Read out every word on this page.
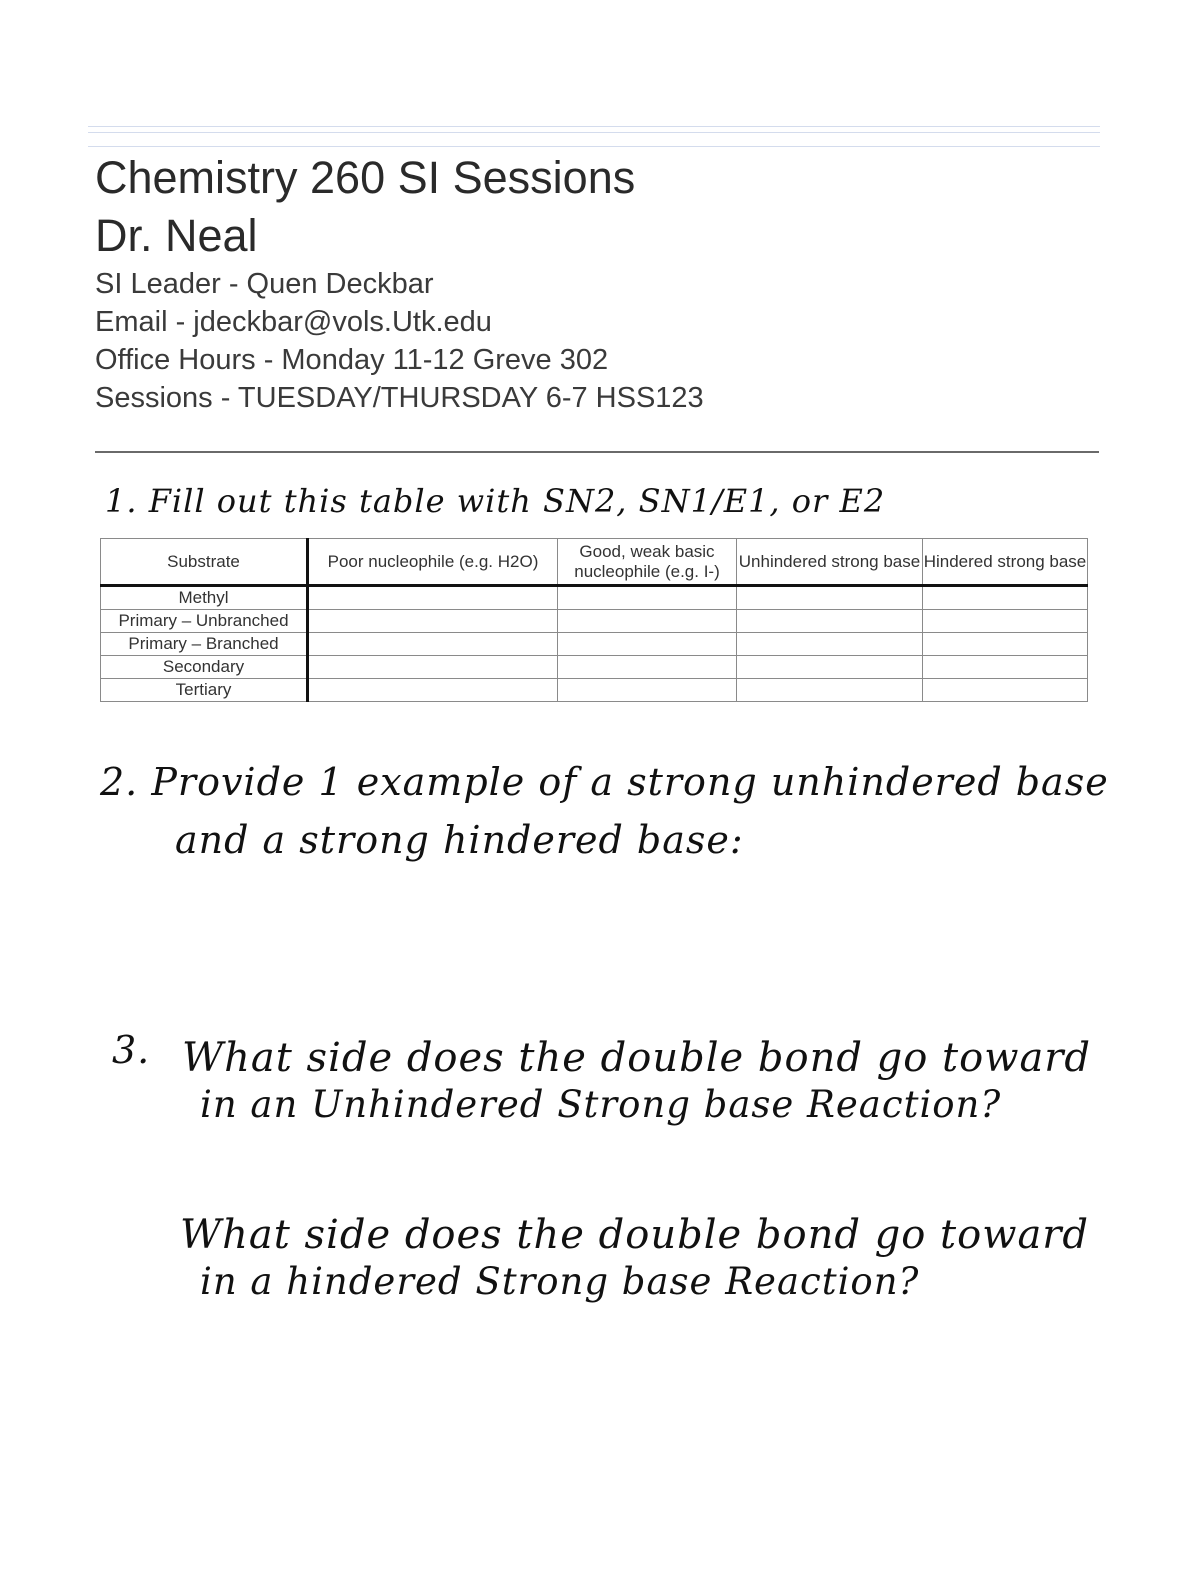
Chemistry 260 SI Sessions
Dr. Neal
SI Leader - Quen Deckbar
Email - jdeckbar@vols.Utk.edu
Office Hours - Monday 11-12 Greve 302
Sessions - TUESDAY/THURSDAY 6-7 HSS123
1. Fill out this table with SN2, SN1/E1, or E2
Substrate	Poor nucleophile (e.g. H2O)	Good, weak basic nucleophile (e.g. I-)	Unhindered strong base	Hindered strong base
Methyl				
Primary – Unbranched				
Primary – Branched				
Secondary				
Tertiary				
2. Provide 1 example of a strong unhindered base
and a strong hindered base:
3. What side does the double bond go toward
in an Unhindered Strong base Reaction?
What side does the double bond go toward
in a hindered Strong base Reaction?
